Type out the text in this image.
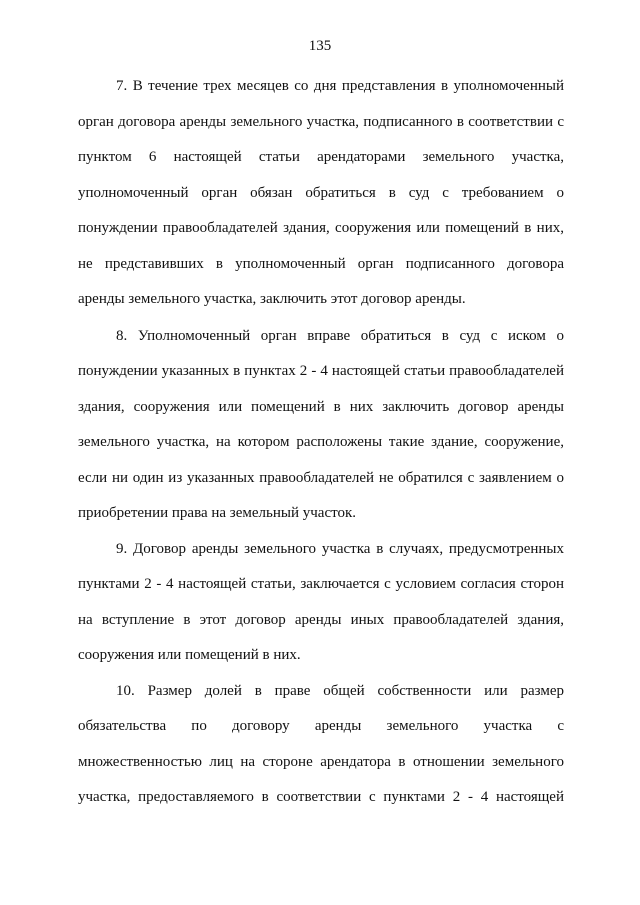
135

7. В течение трех месяцев со дня представления в уполномоченный
орган договора аренды земельного участка, подписанного в соответствии с
пунктом 6 настоящей статьи арендаторами земельного участка,
уполномоченный орган обязан обратиться в суд с требованием о
понуждении правообладателей здания, сооружения или помещений в них,
не представивших в уполномоченный орган подписанного договора
аренды земельного участка, заключить этот договор аренды.

8. Уполномоченный орган вправе обратиться в суд с иском о
понуждении указанных в пунктах 2 - 4 настоящей статьи правообладателей
здания, сооружения или помещений в них заключить договор аренды
земельного участка, на котором расположены такие здание, сооружение,
если ни один из указанных правообладателей не обратился с заявлением о
приобретении права на земельный участок.

9. Договор аренды земельного участка в случаях, предусмотренных
пунктами 2 - 4 настоящей статьи, заключается с условием согласия сторон
на вступление в этот договор аренды иных правообладателей здания,
сооружения или помещений в них.

10. Размер долей в праве общей собственности или размер
обязательства по договору аренды земельного участка с
множественностью лиц на стороне арендатора в отношении земельного
участка, предоставляемого в соответствии с пунктами 2 - 4 настоящей
